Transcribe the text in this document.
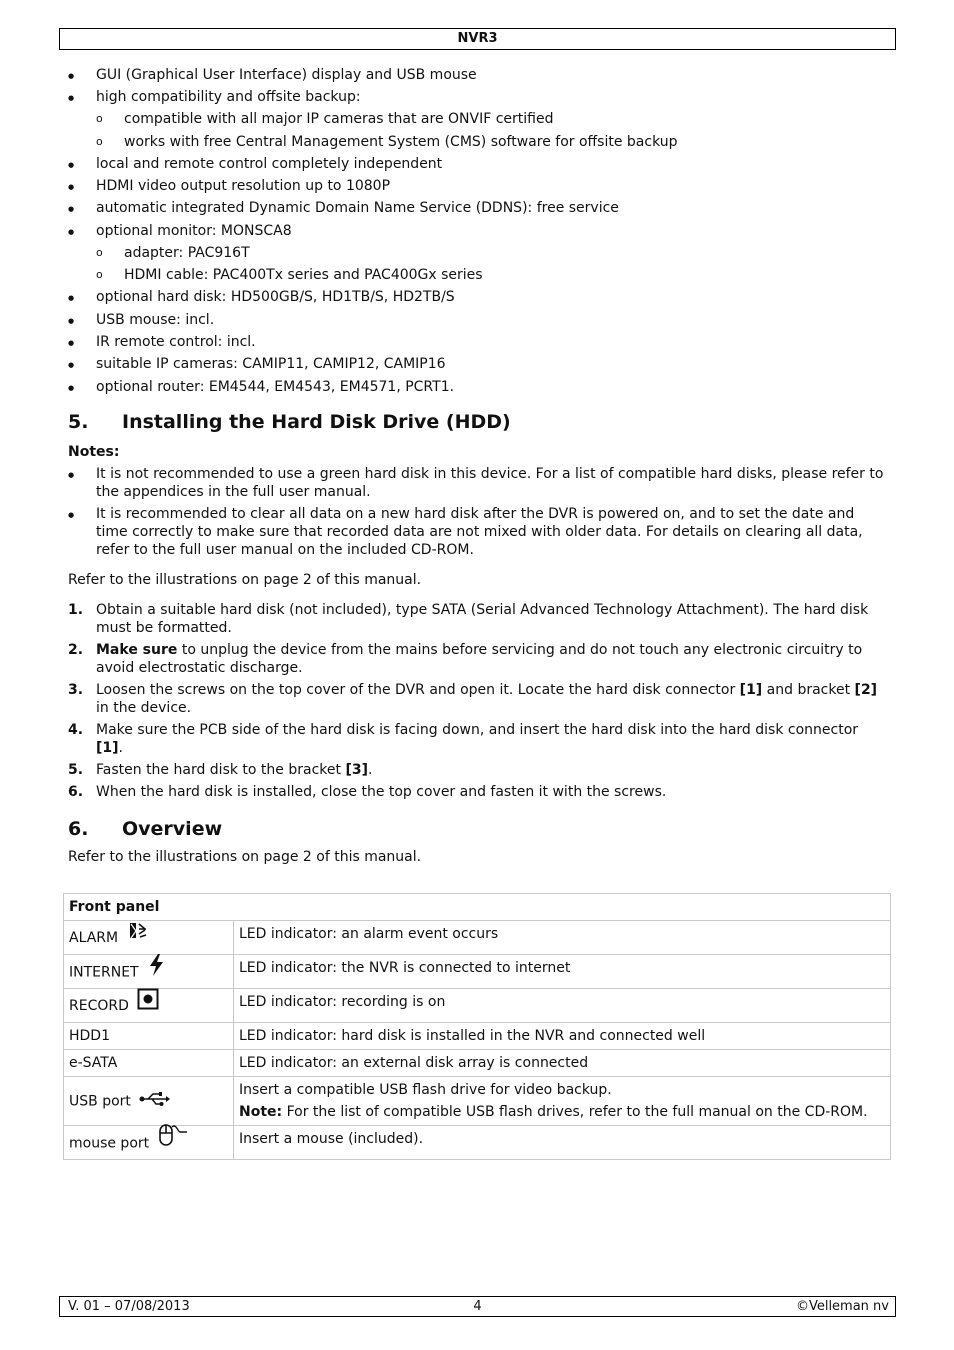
NVR3
● GUI (Graphical User Interface) display and USB mouse
● high compatibility and offsite backup:
o compatible with all major IP cameras that are ONVIF certified
o works with free Central Management System (CMS) software for offsite backup
● local and remote control completely independent
● HDMI video output resolution up to 1080P
● automatic integrated Dynamic Domain Name Service (DDNS): free service
● optional monitor: MONSCA8
o adapter: PAC916T
o HDMI cable: PAC400Tx series and PAC400Gx series
● optional hard disk: HD500GB/S, HD1TB/S, HD2TB/S
● USB mouse: incl.
● IR remote control: incl.
● suitable IP cameras: CAMIP11, CAMIP12, CAMIP16
● optional router: EM4544, EM4543, EM4571, PCRT1.
5. Installing the Hard Disk Drive (HDD)
Notes:
● It is not recommended to use a green hard disk in this device. For a list of compatible hard disks, please refer to the appendices in the full user manual.
● It is recommended to clear all data on a new hard disk after the DVR is powered on, and to set the date and time correctly to make sure that recorded data are not mixed with older data. For details on clearing all data, refer to the full user manual on the included CD-ROM.

Refer to the illustrations on page 2 of this manual.

1. Obtain a suitable hard disk (not included), type SATA (Serial Advanced Technology Attachment). The hard disk must be formatted.
2. Make sure to unplug the device from the mains before servicing and do not touch any electronic circuitry to avoid electrostatic discharge.
3. Loosen the screws on the top cover of the DVR and open it. Locate the hard disk connector [1] and bracket [2] in the device.
4. Make sure the PCB side of the hard disk is facing down, and insert the hard disk into the hard disk connector [1].
5. Fasten the hard disk to the bracket [3].
6. When the hard disk is installed, close the top cover and fasten it with the screws.
6. Overview

Refer to the illustrations on page 2 of this manual.

Front panel	
ALARM	LED indicator: an alarm event occurs
INTERNET	LED indicator: the NVR is connected to internet
RECORD	LED indicator: recording is on
HDD1	LED indicator: hard disk is installed in the NVR and connected well
e-SATA	LED indicator: an external disk array is connected
USB port	Insert a compatible USB flash drive for video backup.
Note: For the list of compatible USB flash drives, refer to the full manual on the CD-ROM.

mouse port	Insert a mouse (included).
V. 01 – 07/08/2013	4	©Velleman nv
